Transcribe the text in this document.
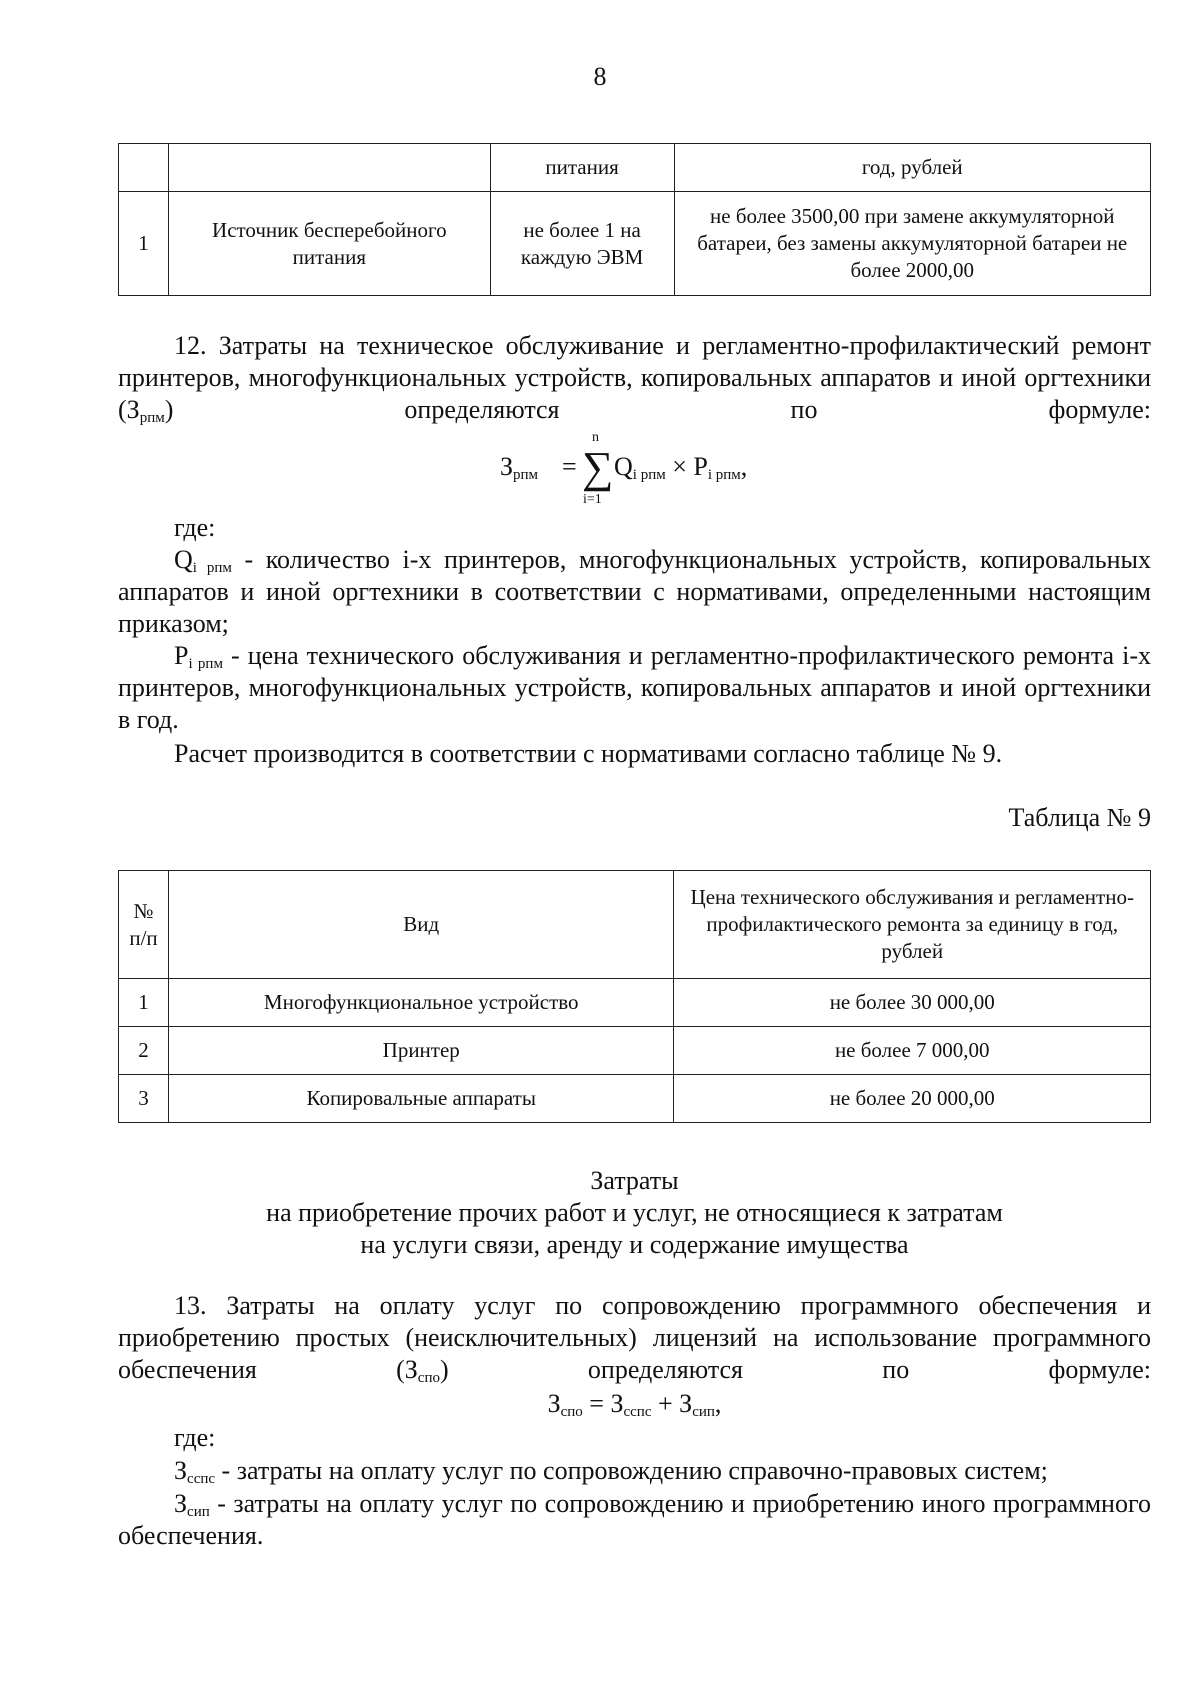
8
		питания	год, рублей
1	Источник бесперебойного питания	не более 1 на каждую ЭВМ	не более 3500,00 при замене аккумуляторной батареи, без замены аккумуляторной батареи не более 2000,00
12. Затраты на техническое обслуживание и регламентно-профилактический ремонт принтеров, многофункциональных устройств, копировальных аппаратов и иной оргтехники $(З_{рпм})$ определяются по формуле:
$З_{рпм}$ =
n
∑
i=1
$Q_{i рпм} \times P_{i рпм}$,
где:
$Q_{i рпм}$ - количество i-х принтеров, многофункциональных устройств, копировальных аппаратов и иной оргтехники в соответствии с нормативами, определенными настоящим приказом;
$P_{i рпм}$ - цена технического обслуживания и регламентно-профилактического ремонта i-х принтеров, многофункциональных устройств, копировальных аппаратов и иной оргтехники в год.
Расчет производится в соответствии с нормативами согласно таблице № 9.
Таблица № 9
№ п/п	Вид	Цена технического обслуживания и регламентно-профилактического ремонта за единицу в год, рублей
1	Многофункциональное устройство	не более 30 000,00
2	Принтер	не более 7 000,00
3	Копировальные аппараты	не более 20 000,00
Затраты
на приобретение прочих работ и услуг, не относящиеся к затратам
на услуги связи, аренду и содержание имущества
13. Затраты на оплату услуг по сопровождению программного обеспечения и приобретению простых (неисключительных) лицензий на использование программного обеспечения $(З_{спо})$ определяются по формуле:
$З_{спо} = З_{сспс} + З_{сип}$,
где:
$З_{сспс}$ - затраты на оплату услуг по сопровождению справочно-правовых систем;
$З_{сип}$ - затраты на оплату услуг по сопровождению и приобретению иного программного обеспечения.
